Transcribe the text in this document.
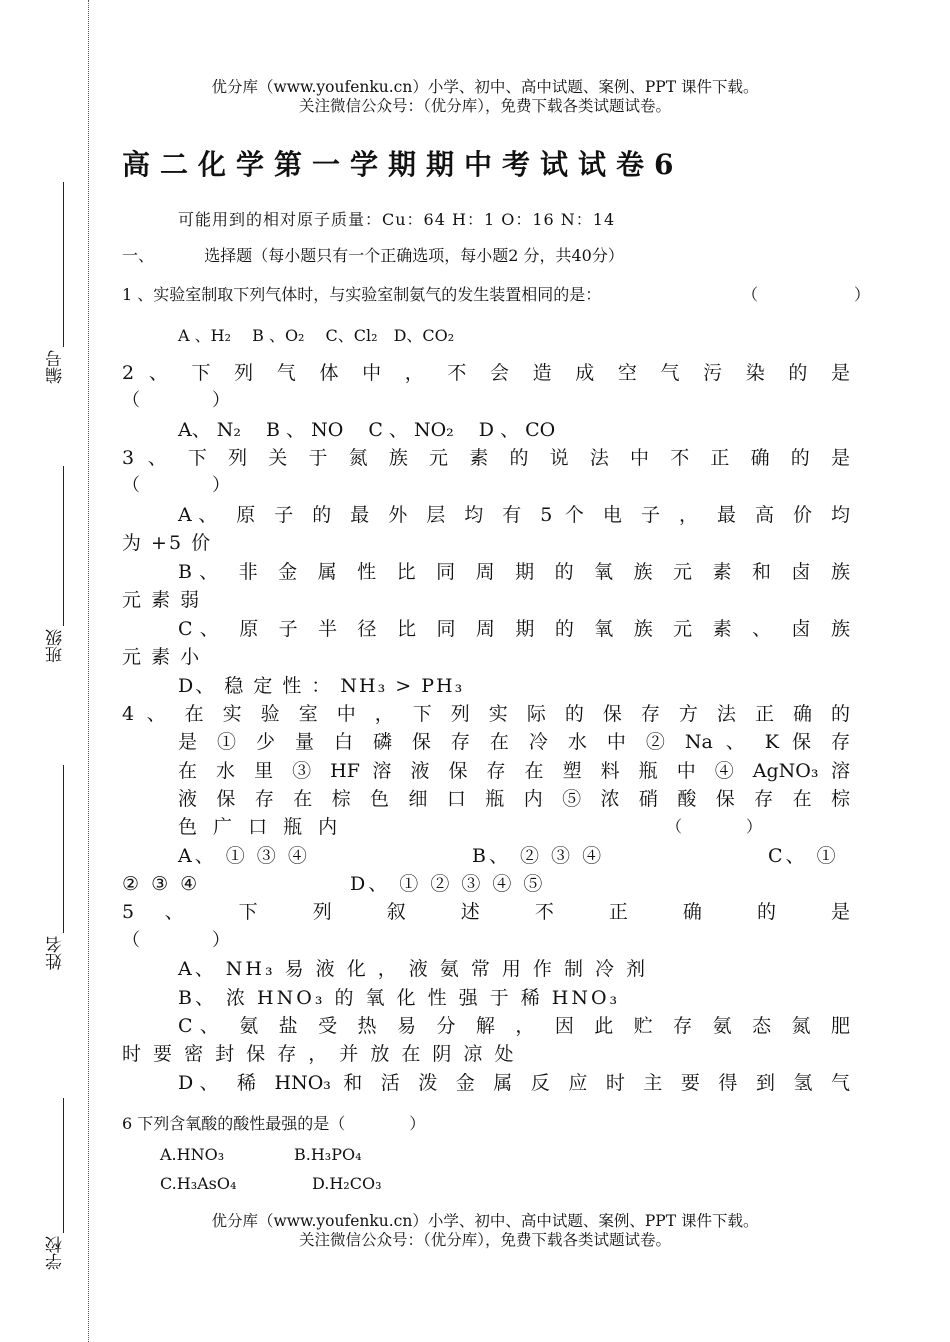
编号
班级
姓名
学校
优分库（www.youfenku.cn）小学、初中、高中试题、案例、PPT 课件下载。
关注微信公众号：（优分库），免费下载各类试题试卷。
高二化学第一学期期中考试试卷6
可能用到的相对原子质量：Cu：64 H：1 O：16 N：14
一、	选择题（每小题只有一个正确选项，每小题2 分，共40分）
1 、实验室制取下列气体时，与实验室制氨气的发生装置相同的是：	（　　　　　　）
A 、H₂　 B 、O₂　 C、Cl₂　D、CO₂
2 、 下 列 气 体 中 ， 不 会 造 成 空 气 污 染 的 是
（　　　　）
A、 N₂　 B 、 NO　 C 、 NO₂　 D 、 CO
3 、 下 列 关 于 氮 族 元 素 的 说 法 中 不 正 确 的 是
（　　　　）
A、 原 子 的 最 外 层 均 有 5 个 电 子 ， 最 高 价 均
为 +5 价
B、 非 金 属 性 比 同 周 期 的 氧 族 元 素 和 卤 族
元 素 弱
C、 原 子 半 径 比 同 周 期 的 氧 族 元 素 、 卤 族
元 素 小
D、 稳 定 性 ： NH₃ > PH₃
4 、 在 实 验 室 中 ， 下 列 实 际 的 保 存 方 法 正 确 的
是 ① 少 量 白 磷 保 存 在 冷 水 中 ② Na 、 K 保 存
在 水 里 ③ HF 溶 液 保 存 在 塑 料 瓶 中 ④ AgNO₃ 溶
液 保 存 在 棕 色 细 口 瓶 内 ⑤ 浓 硝 酸 保 存 在 棕
色 广 口 瓶 内	（　　　　）
A、 ① ③ ④	B、 ② ③ ④	C、 ①
② ③ ④	D、 ① ② ③ ④ ⑤
5 、 下 列 叙 述 不 正 确 的 是
（　　　　）
A、 NH₃ 易 液 化 ， 液 氨 常 用 作 制 冷 剂
B、 浓 HNO₃ 的 氧 化 性 强 于 稀 HNO₃
C、 氨 盐 受 热 易 分 解 ， 因 此 贮 存 氨 态 氮 肥
时 要 密 封 保 存 ， 并 放 在 阴 凉 处
D、 稀 HNO₃ 和 活 泼 金 属 反 应 时 主 要 得 到 氢 气
6 下列含氧酸的酸性最强的是（　　　　）
A.HNO₃	B.H₃PO₄
C.H₃AsO₄	D.H₂CO₃
优分库（www.youfenku.cn）小学、初中、高中试题、案例、PPT 课件下载。
关注微信公众号：（优分库），免费下载各类试题试卷。
